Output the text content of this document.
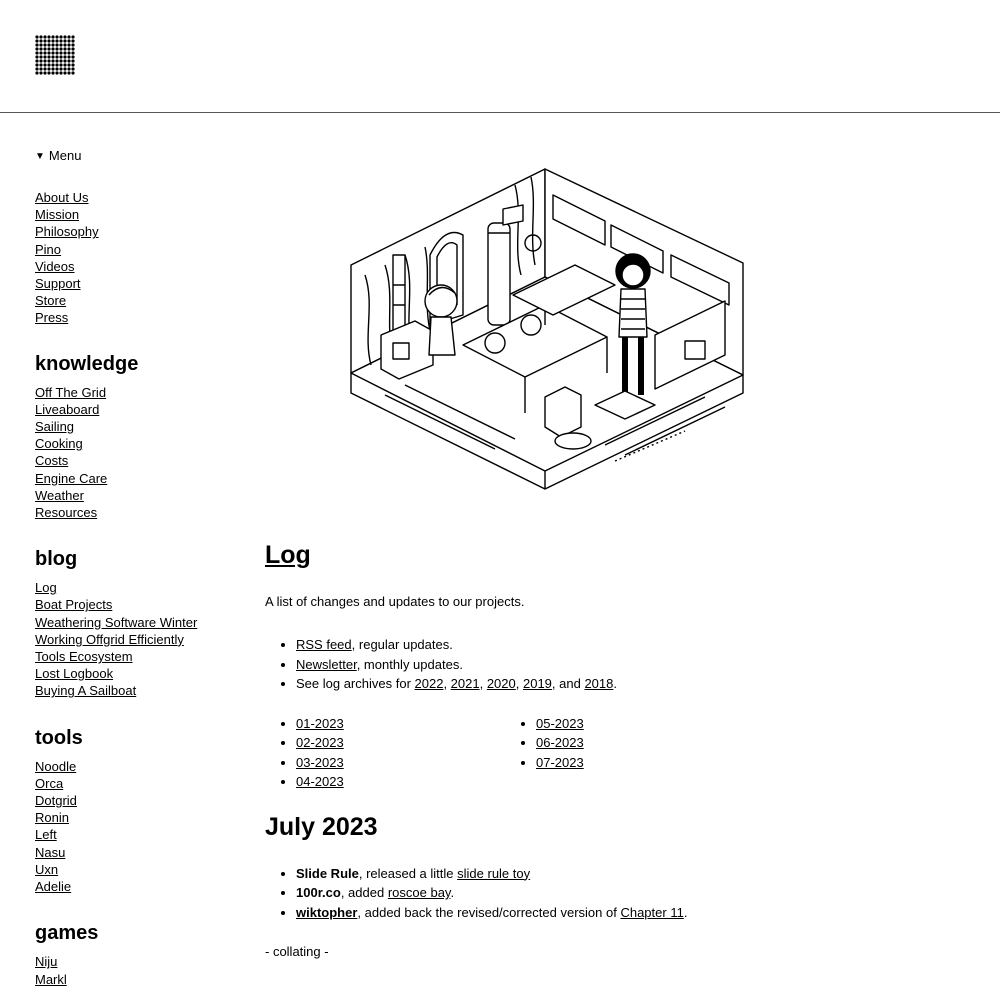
▼ Menu
About Us
Mission
Philosophy
Pino
Videos
Support
Store
Press
knowledge
Off The Grid
Liveaboard
Sailing
Cooking
Costs
Engine Care
Weather
Resources
blog
Log
Boat Projects
Weathering Software Winter
Working Offgrid Efficiently
Tools Ecosystem
Lost Logbook
Buying A Sailboat
tools
Noodle
Orca
Dotgrid
Ronin
Left
Nasu
Uxn
Adelie
games
Niju
Markl
Log

A list of changes and updates to our projects.

• RSS feed, regular updates.
• Newsletter, monthly updates.
• See log archives for 2022, 2021, 2020, 2019, and 2018.
• 01-2023
• 02-2023
• 03-2023
• 04-2023
• 05-2023
• 06-2023
• 07-2023
July 2023
• Slide Rule, released a little slide rule toy
• 100r.co, added roscoe bay.
• wiktopher, added back the revised/corrected version of Chapter 11.

- collating -
